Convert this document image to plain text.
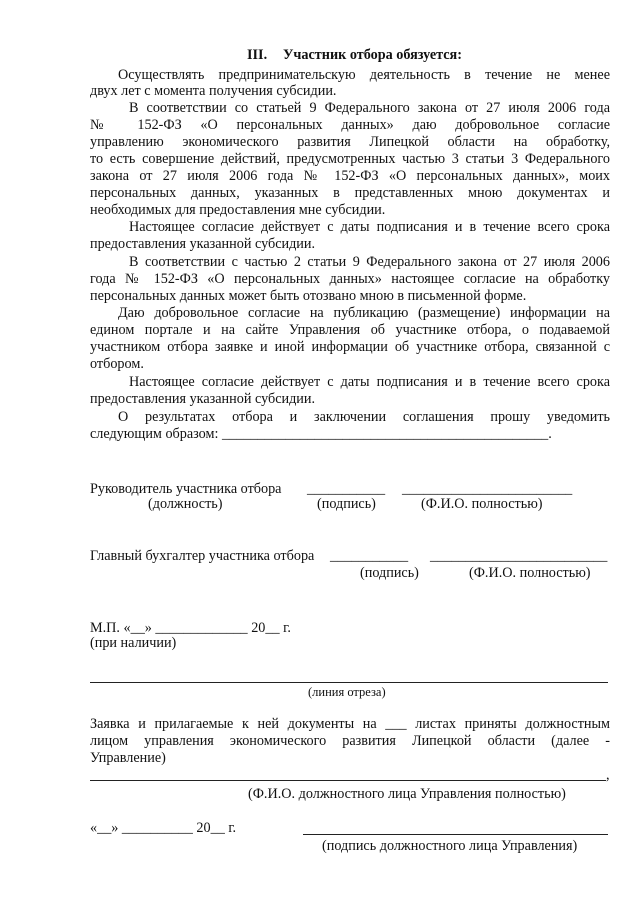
III. Участник отбора обязуется:
Осуществлять предпринимательскую деятельность в течение не менее
двух лет с момента получения субсидии.
В соответствии со статьей 9 Федерального закона от 27 июля 2006 года
№ 152-ФЗ «О персональных данных» даю добровольное согласие
управлению экономического развития Липецкой области на обработку,
то есть совершение действий, предусмотренных частью 3 статьи 3 Федерального
закона от 27 июля 2006 года № 152-ФЗ «О персональных данных», моих
персональных данных, указанных в представленных мною документах и
необходимых для предоставления мне субсидии.
Настоящее согласие действует с даты подписания и в течение всего срока
предоставления указанной субсидии.
В соответствии с частью 2 статьи 9 Федерального закона от 27 июля 2006
года № 152-ФЗ «О персональных данных» настоящее согласие на обработку
персональных данных может быть отозвано мною в письменной форме.
Даю добровольное согласие на публикацию (размещение) информации на
едином портале и на сайте Управления об участнике отбора, о подаваемой
участником отбора заявке и иной информации об участнике отбора, связанной с
отбором.
Настоящее согласие действует с даты подписания и в течение всего срока
предоставления указанной субсидии.
О результатах отбора и заключении соглашения прошу уведомить
следующим образом: ______________________________________________.
Руководитель участника отбора ___________ ________________________
(должность)	(подпись)	(Ф.И.О. полностью)
Главный бухгалтер участника отбора ___________ _________________________
(подпись)	(Ф.И.О. полностью)
М.П. «__» _____________ 20__ г.
(при наличии)
(линия отреза)
Заявка и прилагаемые к ней документы на ___ листах приняты должностным
лицом управления экономического развития Липецкой области (далее -
Управление)
,
(Ф.И.О. должностного лица Управления полностью)
«__» __________ 20__ г.
(подпись должностного лица Управления)
